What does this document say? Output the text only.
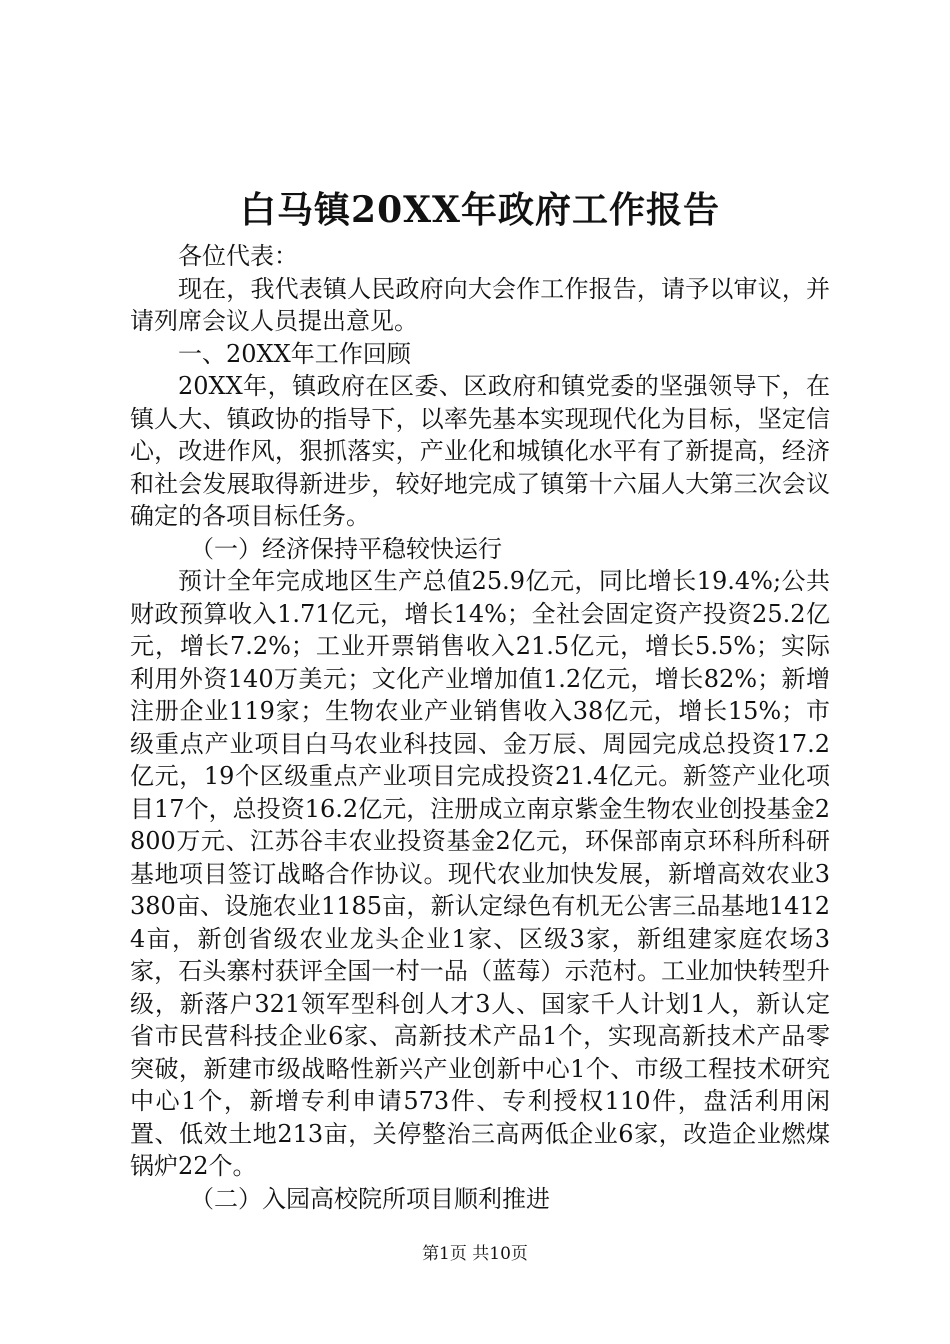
白马镇20XX年政府工作报告

各位代表：

现在，我代表镇人民政府向大会作工作报告，请予以审议，并请列席会议人员提出意见。

一、20XX年工作回顾

20XX年，镇政府在区委、区政府和镇党委的坚强领导下，在镇人大、镇政协的指导下，以率先基本实现现代化为目标，坚定信心，改进作风，狠抓落实，产业化和城镇化水平有了新提高，经济和社会发展取得新进步，较好地完成了镇第十六届人大第三次会议确定的各项目标任务。

（一）经济保持平稳较快运行

预计全年完成地区生产总值25.9亿元，同比增长19.4%;公共财政预算收入1.71亿元，增长14%；全社会固定资产投资25.2亿元，增长7.2%；工业开票销售收入21.5亿元，增长5.5%；实际利用外资140万美元；文化产业增加值1.2亿元，增长82%；新增注册企业119家；生物农业产业销售收入38亿元，增长15%；市级重点产业项目白马农业科技园、金万辰、周园完成总投资17.2亿元，19个区级重点产业项目完成投资21.4亿元。新签产业化项目17个，总投资16.2亿元，注册成立南京紫金生物农业创投基金2800万元、江苏谷丰农业投资基金2亿元，环保部南京环科所科研基地项目签订战略合作协议。现代农业加快发展，新增高效农业3380亩、设施农业1185亩，新认定绿色有机无公害三品基地14124亩，新创省级农业龙头企业1家、区级3家，新组建家庭农场3家，石头寨村获评全国一村一品（蓝莓）示范村。工业加快转型升级，新落户321领军型科创人才3人、国家千人计划1人，新认定省市民营科技企业6家、高新技术产品1个，实现高新技术产品零突破，新建市级战略性新兴产业创新中心1个、市级工程技术研究中心1个，新增专利申请573件、专利授权110件，盘活利用闲置、低效土地213亩，关停整治三高两低企业6家，改造企业燃煤锅炉22个。

（二）入园高校院所项目顺利推进

第1页 共10页
